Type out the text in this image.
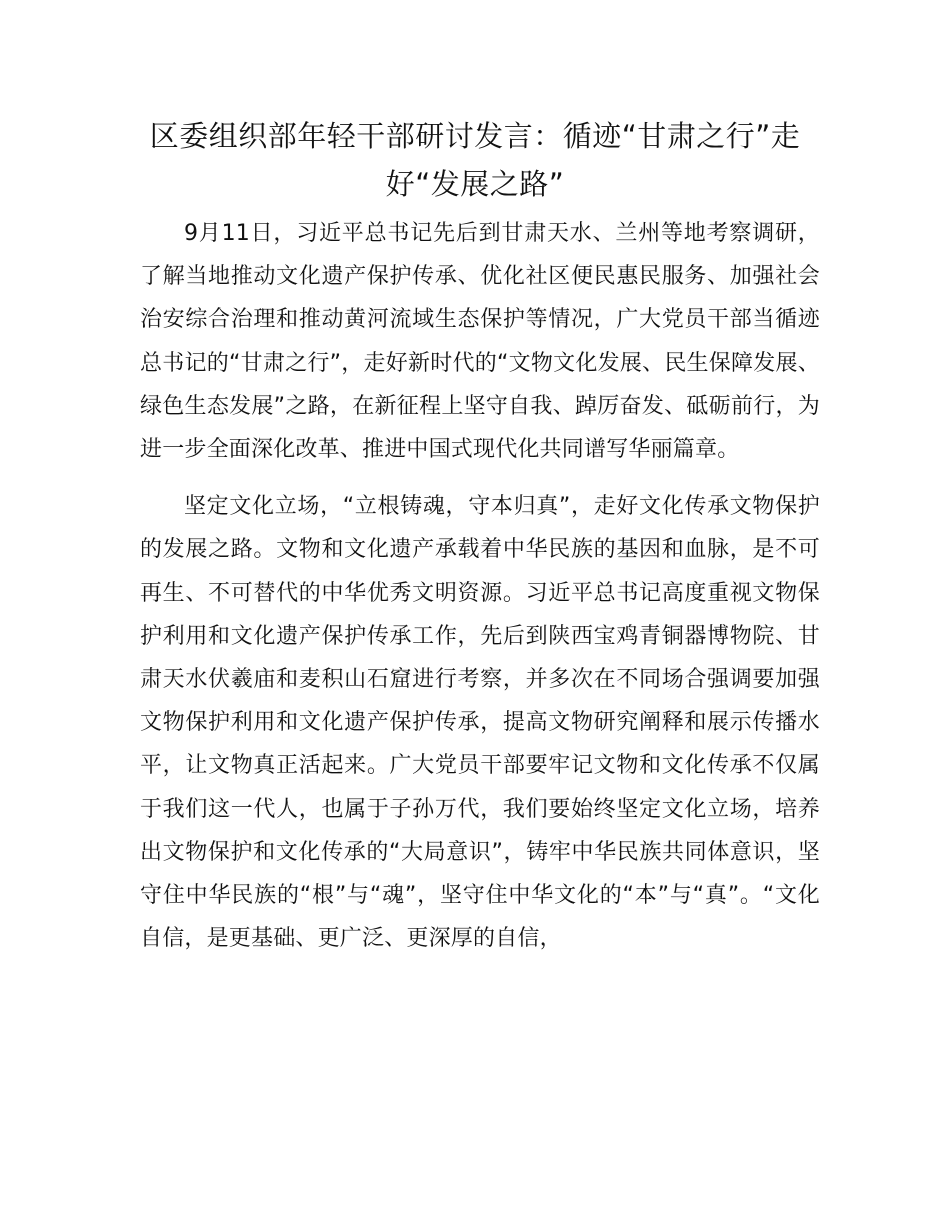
区委组织部年轻干部研讨发言：循迹“甘肃之行”走好“发展之路”

9月11日，习近平总书记先后到甘肃天水、兰州等地考察调研，了解当地推动文化遗产保护传承、优化社区便民惠民服务、加强社会治安综合治理和推动黄河流域生态保护等情况，广大党员干部当循迹总书记的“甘肃之行”，走好新时代的“文物文化发展、民生保障发展、绿色生态发展”之路，在新征程上坚守自我、踔厉奋发、砥砺前行，为进一步全面深化改革、推进中国式现代化共同谱写华丽篇章。

坚定文化立场，“立根铸魂，守本归真”，走好文化传承文物保护的发展之路。文物和文化遗产承载着中华民族的基因和血脉，是不可再生、不可替代的中华优秀文明资源。习近平总书记高度重视文物保护利用和文化遗产保护传承工作，先后到陕西宝鸡青铜器博物院、甘肃天水伏羲庙和麦积山石窟进行考察，并多次在不同场合强调要加强文物保护利用和文化遗产保护传承，提高文物研究阐释和展示传播水平，让文物真正活起来。广大党员干部要牢记文物和文化传承不仅属于我们这一代人，也属于子孙万代，我们要始终坚定文化立场，培养出文物保护和文化传承的“大局意识”，铸牢中华民族共同体意识，坚守住中华民族的“根”与“魂”，坚守住中华文化的“本”与“真”。“文化自信，是更基础、更广泛、更深厚的自信，
